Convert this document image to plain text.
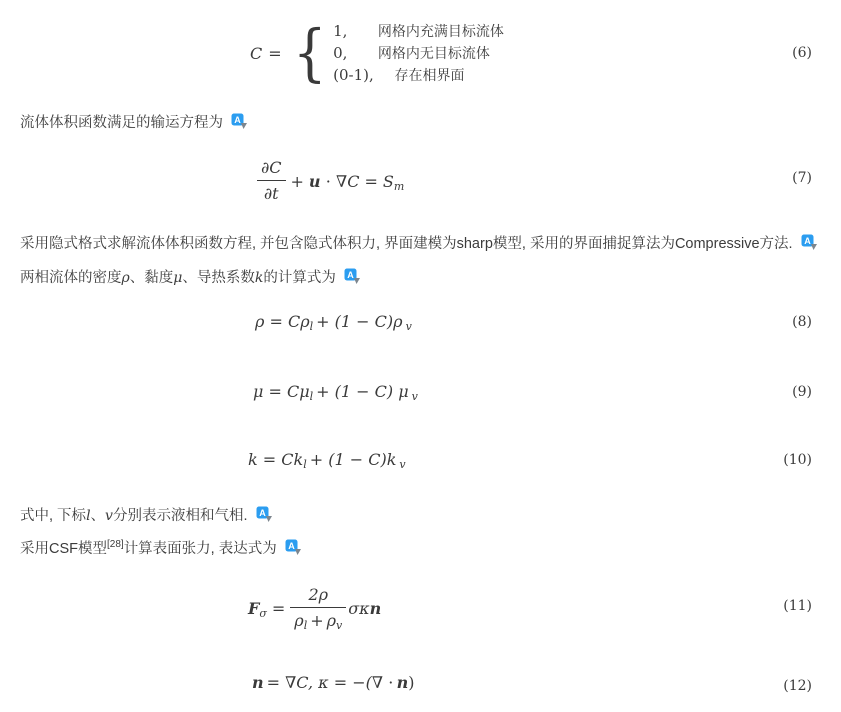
C = { 1, 网格内充满目标流体
0, 网格内无目标流体
(0-1), 存在相界面
(6)
流体体积函数满足的输运方程为 A
$\frac{\partial C}{\partial t} + u \cdot \nabla C = S_m$
(7)
采用隐式格式求解流体体积函数方程, 并包含隐式体积力, 界面建模为sharp模型, 采用的界面捕捉算法为Compressive方法. A
两相流体的密度ρ、黏度μ、导热系数k的计算式为 A
$\rho = C\rho_l + (1 - C)\rho$ $_v$	(8)
$\mu = C\mu_l + (1 - C)$ μ $_v$	(9)
$k = Ck_l + (1 - C)k$ $_v$	(10)
式中, 下标l、v分别表示液相和气相. A
采用CSF模型[28]计算表面张力, 表达式为 A
$F_\sigma = \frac{2\rho}{\rho_l + \rho_v}$ σκn	(11)
n = ∇C, κ = −(∇ ⋅ n)	(12)
